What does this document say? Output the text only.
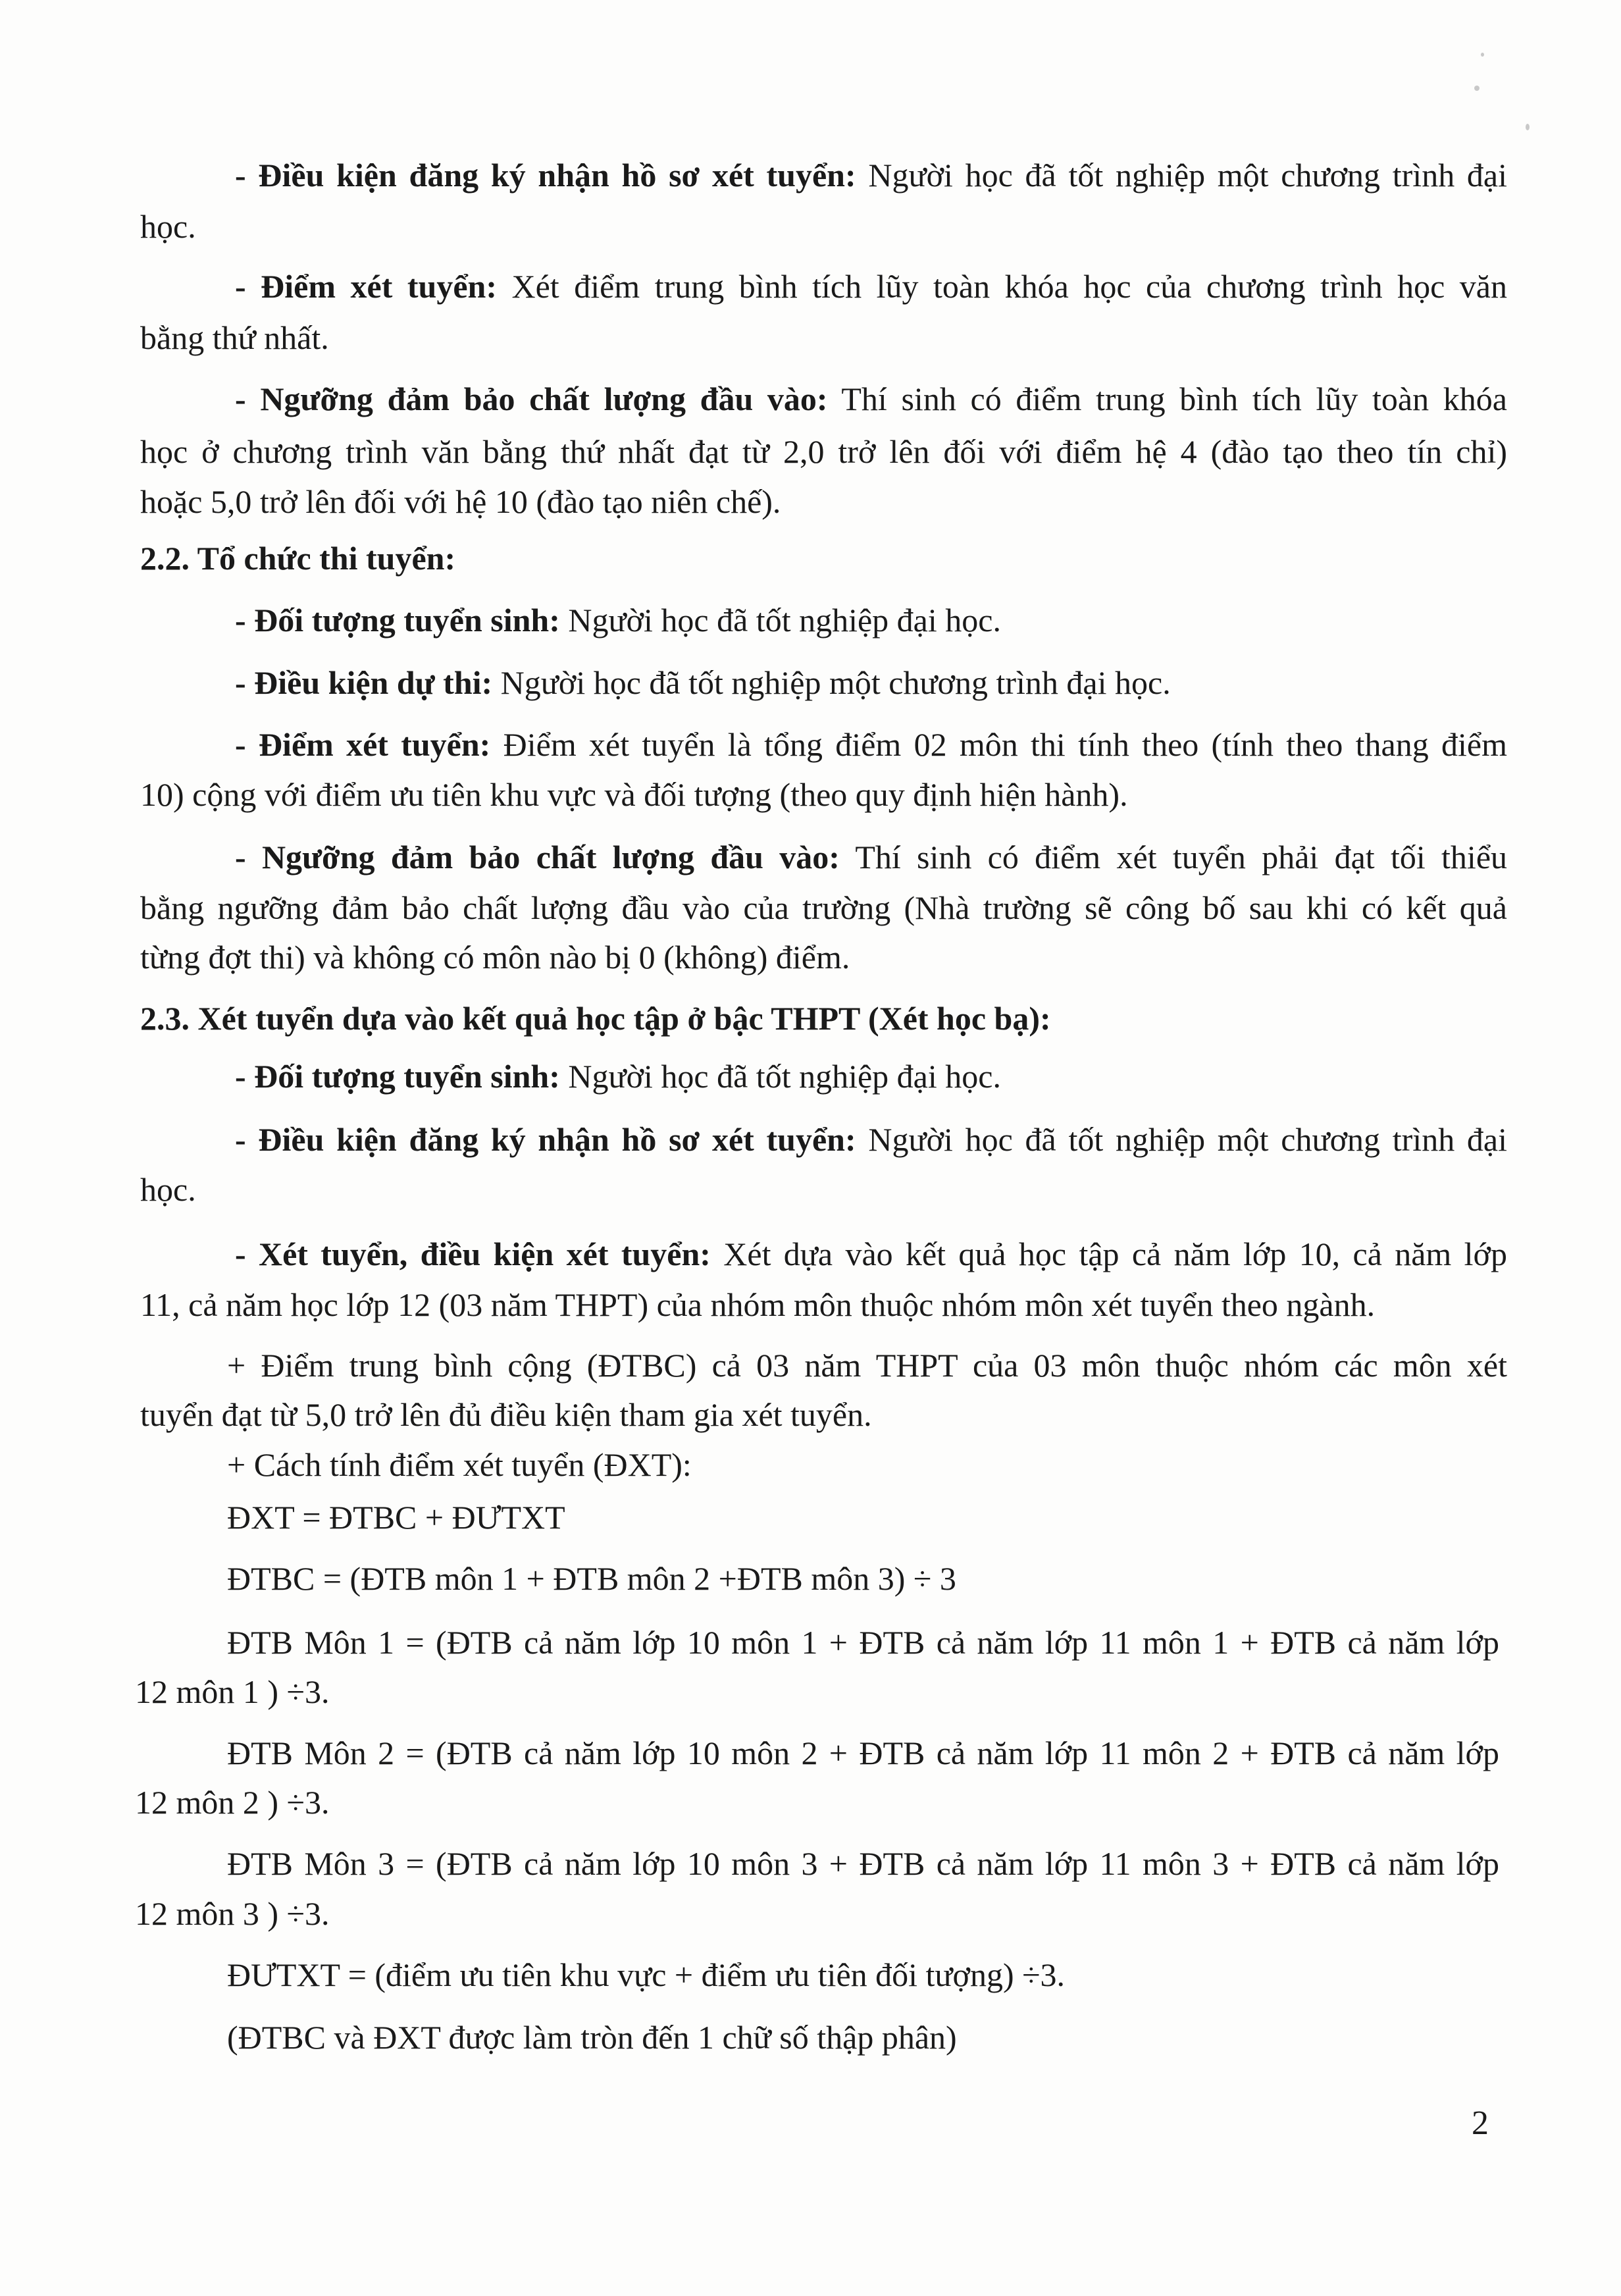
- Điều kiện đăng ký nhận hồ sơ xét tuyển: Người học đã tốt nghiệp một chương trình đại
học.
- Điểm xét tuyển: Xét điểm trung bình tích lũy toàn khóa học của chương trình học văn
bằng thứ nhất.
- Ngưỡng đảm bảo chất lượng đầu vào: Thí sinh có điểm trung bình tích lũy toàn khóa
học ở chương trình văn bằng thứ nhất đạt từ 2,0 trở lên đối với điểm hệ 4 (đào tạo theo tín chỉ)
hoặc 5,0 trở lên đối với hệ 10 (đào tạo niên chế).
2.2. Tổ chức thi tuyển:
- Đối tượng tuyển sinh: Người học đã tốt nghiệp đại học.
- Điều kiện dự thi: Người học đã tốt nghiệp một chương trình đại học.
- Điểm xét tuyển: Điểm xét tuyển là tổng điểm 02 môn thi tính theo (tính theo thang điểm
10) cộng với điểm ưu tiên khu vực và đối tượng (theo quy định hiện hành).
- Ngưỡng đảm bảo chất lượng đầu vào: Thí sinh có điểm xét tuyển phải đạt tối thiểu
bằng ngưỡng đảm bảo chất lượng đầu vào của trường (Nhà trường sẽ công bố sau khi có kết quả
từng đợt thi) và không có môn nào bị 0 (không) điểm.
2.3. Xét tuyển dựa vào kết quả học tập ở bậc THPT (Xét học bạ):
- Đối tượng tuyển sinh: Người học đã tốt nghiệp đại học.
- Điều kiện đăng ký nhận hồ sơ xét tuyển: Người học đã tốt nghiệp một chương trình đại
học.
- Xét tuyển, điều kiện xét tuyển: Xét dựa vào kết quả học tập cả năm lớp 10, cả năm lớp
11, cả năm học lớp 12 (03 năm THPT) của nhóm môn thuộc nhóm môn xét tuyển theo ngành.
+ Điểm trung bình cộng (ĐTBC) cả 03 năm THPT của 03 môn thuộc nhóm các môn xét
tuyển đạt từ 5,0 trở lên đủ điều kiện tham gia xét tuyển.
+ Cách tính điểm xét tuyển (ĐXT):
ĐXT = ĐTBC + ĐƯTXT
ĐTBC = (ĐTB môn 1 + ĐTB môn 2 +ĐTB môn 3) ÷ 3
ĐTB Môn 1 = (ĐTB cả năm lớp 10 môn 1 + ĐTB cả năm lớp 11 môn 1 + ĐTB cả năm lớp
12 môn 1 ) ÷3.
ĐTB Môn 2 = (ĐTB cả năm lớp 10 môn 2 + ĐTB cả năm lớp 11 môn 2 + ĐTB cả năm lớp
12 môn 2 ) ÷3.
ĐTB Môn 3 = (ĐTB cả năm lớp 10 môn 3 + ĐTB cả năm lớp 11 môn 3 + ĐTB cả năm lớp
12 môn 3 ) ÷3.
ĐƯTXT = (điểm ưu tiên khu vực + điểm ưu tiên đối tượng) ÷3.
(ĐTBC và ĐXT được làm tròn đến 1 chữ số thập phân)
2
